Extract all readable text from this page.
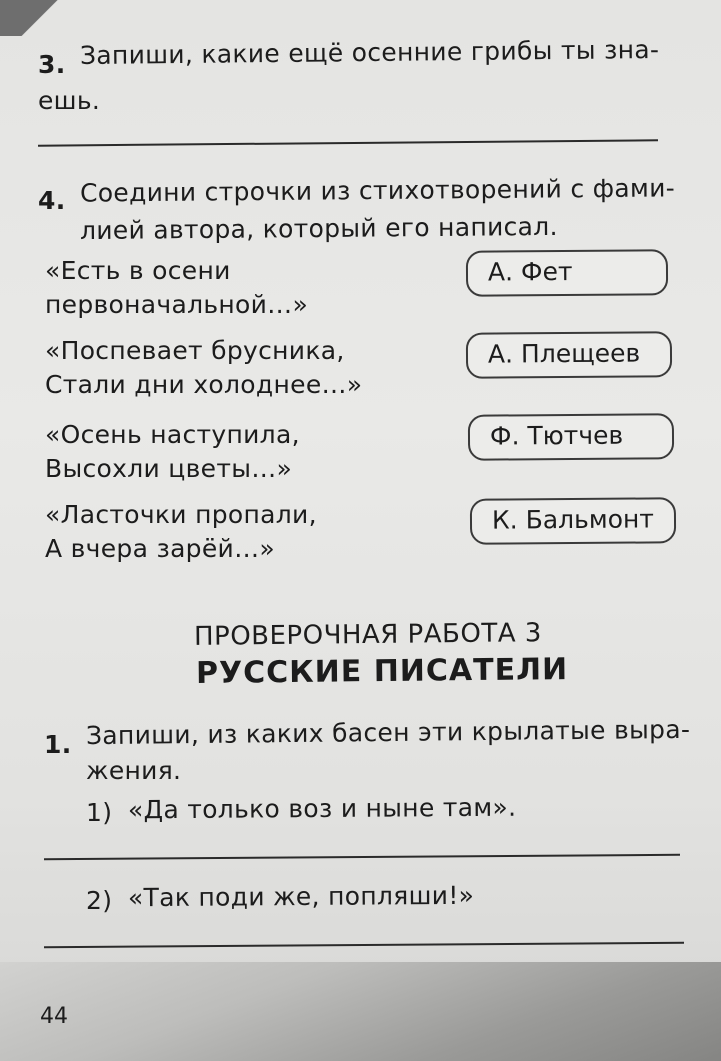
3. Запиши, какие ещё осенние грибы ты зна-
ешь.
4. Соедини строчки из стихотворений с фами-
лией автора, который его написал.
«Есть в осени
первоначальной…»
«Поспевает брусника,
Стали дни холоднее…»
«Осень наступила,
Высохли цветы…»
«Ласточки пропали,
А вчера зарёй…»
А. Фет
А. Плещеев
Ф. Тютчев
К. Бальмонт
ПРОВЕРОЧНАЯ РАБОТА 3
РУССКИЕ ПИСАТЕЛИ
1. Запиши, из каких басен эти крылатые выра-
жения.
1) «Да только воз и ныне там».
2) «Так поди же, попляши!»
44
